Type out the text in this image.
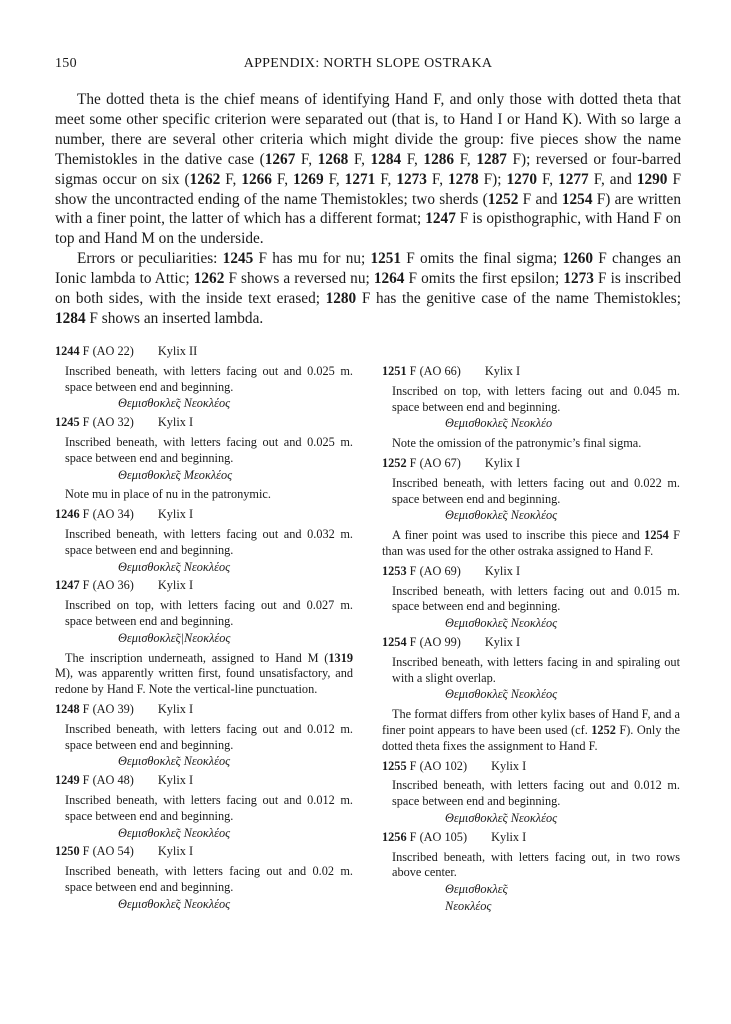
150	APPENDIX: NORTH SLOPE OSTRAKA

The dotted theta is the chief means of identifying Hand F, and only those with dotted theta that meet some other specific criterion were separated out (that is, to Hand I or Hand K). With so large a number, there are several other criteria which might divide the group: five pieces show the name Themistokles in the dative case (1267 F, 1268 F, 1284 F, 1286 F, 1287 F); reversed or four-barred sigmas occur on six (1262 F, 1266 F, 1269 F, 1271 F, 1273 F, 1278 F); 1270 F, 1277 F, and 1290 F show the uncontracted ending of the name Themistokles; two sherds (1252 F and 1254 F) are written with a finer point, the latter of which has a different format; 1247 F is opisthographic, with Hand F on top and Hand M on the underside.

Errors or peculiarities: 1245 F has mu for nu; 1251 F omits the final sigma; 1260 F changes an Ionic lambda to Attic; 1262 F shows a reversed nu; 1264 F omits the first epsilon; 1273 F is inscribed on both sides, with the inside text erased; 1280 F has the genitive case of the name Themistokles; 1284 F shows an inserted lambda.

1244 F (AO 22) Kylix II
Inscribed beneath, with letters facing out and 0.025 m. space between end and beginning.
Θεμισθοκλε̃ς Νεοκλέος
1245 F (AO 32) Kylix I
Inscribed beneath, with letters facing out and 0.025 m. space between end and beginning.
Θεμισθοκλε̃ς Μεοκλέος
Note mu in place of nu in the patronymic.
1246 F (AO 34) Kylix I
Inscribed beneath, with letters facing out and 0.032 m. space between end and beginning.
Θεμισθοκλε̃ς Νεοκλέος
1247 F (AO 36) Kylix I
Inscribed on top, with letters facing out and 0.027 m. space between end and beginning.
Θεμισθοκλε̃ς|Νεοκλέος
The inscription underneath, assigned to Hand M (1319 M), was apparently written first, found unsatisfactory, and redone by Hand F. Note the vertical-line punctuation.
1248 F (AO 39) Kylix I
Inscribed beneath, with letters facing out and 0.012 m. space between end and beginning.
Θεμισθοκλε̃ς Νεοκλέος
1249 F (AO 48) Kylix I
Inscribed beneath, with letters facing out and 0.012 m. space between end and beginning.
Θεμισθοκλε̃ς Νεοκλέος
1250 F (AO 54) Kylix I
Inscribed beneath, with letters facing out and 0.02 m. space between end and beginning.
Θεμισθοκλε̃ς Νεοκλέος
1251 F (AO 66) Kylix I
Inscribed on top, with letters facing out and 0.045 m. space between end and beginning.
Θεμισθοκλε̃ς Νεοκλέο
Note the omission of the patronymic’s final sigma.
1252 F (AO 67) Kylix I
Inscribed beneath, with letters facing out and 0.022 m. space between end and beginning.
Θεμισθοκλε̃ς Νεοκλέος
A finer point was used to inscribe this piece and 1254 F than was used for the other ostraka assigned to Hand F.
1253 F (AO 69) Kylix I
Inscribed beneath, with letters facing out and 0.015 m. space between end and beginning.
Θεμισθοκλε̃ς Νεοκλέος
1254 F (AO 99) Kylix I
Inscribed beneath, with letters facing in and spiraling out with a slight overlap.
Θεμισθοκλε̃ς Νεοκλέος
The format differs from other kylix bases of Hand F, and a finer point appears to have been used (cf. 1252 F). Only the dotted theta fixes the assignment to Hand F.
1255 F (AO 102) Kylix I
Inscribed beneath, with letters facing out and 0.012 m. space between end and beginning.
Θεμισθοκλε̃ς Νεοκλέος
1256 F (AO 105) Kylix I
Inscribed beneath, with letters facing out, in two rows above center.
Θεμισθοκλε̃ς
Νεοκλέος
